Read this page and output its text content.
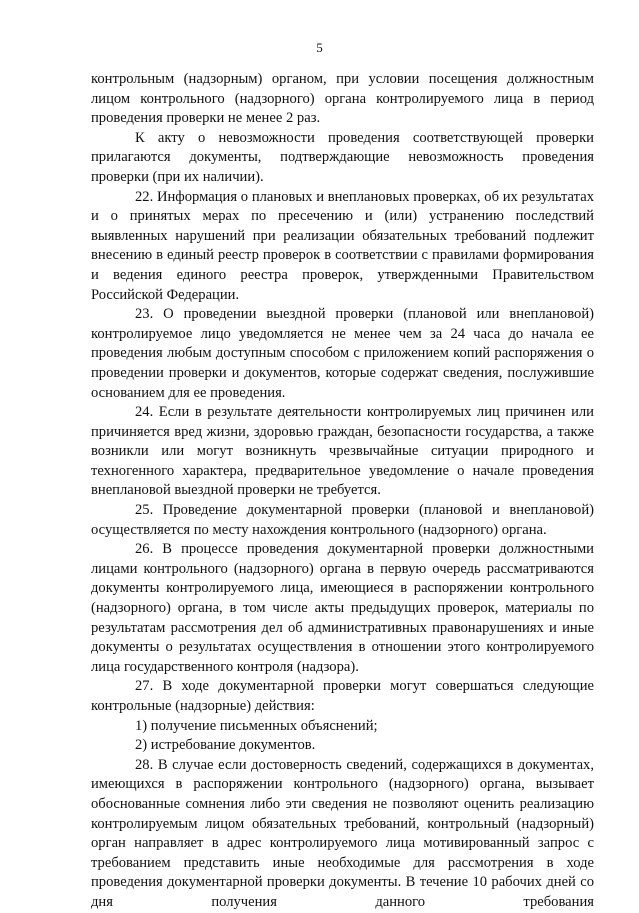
5

контрольным (надзорным) органом, при условии посещения должностным лицом контрольного (надзорного) органа контролируемого лица в период проведения проверки не менее 2 раз.

К акту о невозможности проведения соответствующей проверки прилагаются документы, подтверждающие невозможность проведения проверки (при их наличии).

22. Информация о плановых и внеплановых проверках, об их результатах и о принятых мерах по пресечению и (или) устранению последствий выявленных нарушений при реализации обязательных требований подлежит внесению в единый реестр проверок в соответствии с правилами формирования и ведения единого реестра проверок, утвержденными Правительством Российской Федерации.

23. О проведении выездной проверки (плановой или внеплановой) контролируемое лицо уведомляется не менее чем за 24 часа до начала ее проведения любым доступным способом с приложением копий распоряжения о проведении проверки и документов, которые содержат сведения, послужившие основанием для ее проведения.

24. Если в результате деятельности контролируемых лиц причинен или причиняется вред жизни, здоровью граждан, безопасности государства, а также возникли или могут возникнуть чрезвычайные ситуации природного и техногенного характера, предварительное уведомление о начале проведения внеплановой выездной проверки не требуется.

25. Проведение документарной проверки (плановой и внеплановой) осуществляется по месту нахождения контрольного (надзорного) органа.

26. В процессе проведения документарной проверки должностными лицами контрольного (надзорного) органа в первую очередь рассматриваются документы контролируемого лица, имеющиеся в распоряжении контрольного (надзорного) органа, в том числе акты предыдущих проверок, материалы по результатам рассмотрения дел об административных правонарушениях и иные документы о результатах осуществления в отношении этого контролируемого лица государственного контроля (надзора).

27. В ходе документарной проверки могут совершаться следующие контрольные (надзорные) действия:

1) получение письменных объяснений;

2) истребование документов.

28. В случае если достоверность сведений, содержащихся в документах, имеющихся в распоряжении контрольного (надзорного) органа, вызывает обоснованные сомнения либо эти сведения не позволяют оценить реализацию контролируемым лицом обязательных требований, контрольный (надзорный) орган направляет в адрес контролируемого лица мотивированный запрос с требованием представить иные необходимые для рассмотрения в ходе проведения документарной проверки документы. В течение 10 рабочих дней со дня получения данного требования
